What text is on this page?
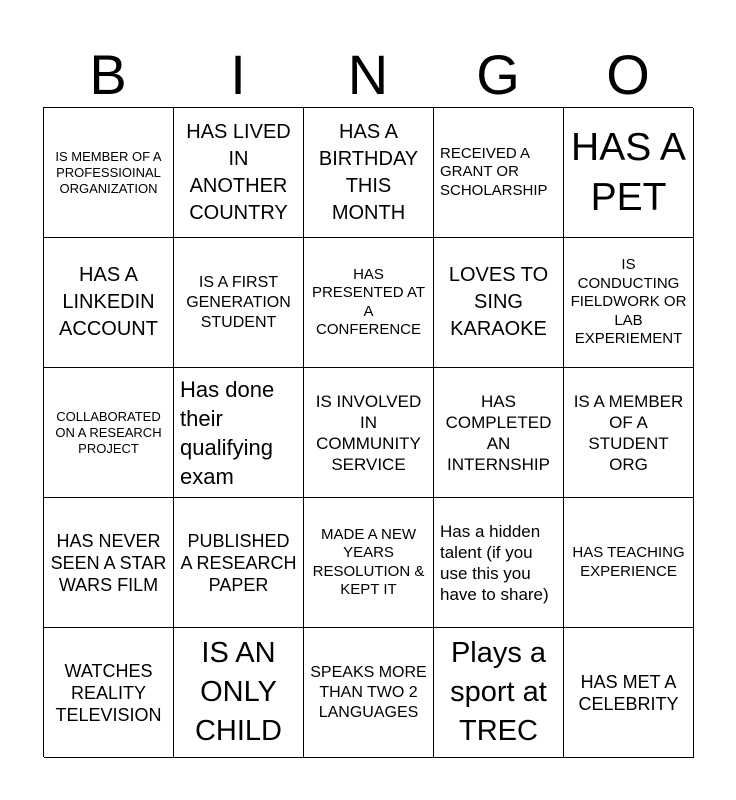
B	I	N	G	O
IS MEMBER OF A PROFESSIOINAL ORGANIZATION
HAS LIVED IN ANOTHER COUNTRY
HAS A BIRTHDAY THIS MONTH
RECEIVED A GRANT OR SCHOLARSHIP
HAS A PET
HAS A LINKEDIN ACCOUNT
IS A FIRST GENERATION STUDENT
HAS PRESENTED AT A CONFERENCE
LOVES TO SING KARAOKE
IS CONDUCTING FIELDWORK OR LAB EXPERIEMENT
COLLABORATED ON A RESEARCH PROJECT
Has done their qualifying exam
IS INVOLVED IN COMMUNITY SERVICE
HAS COMPLETED AN INTERNSHIP
IS A MEMBER OF A STUDENT ORG
HAS NEVER SEEN A STAR WARS FILM
PUBLISHED A RESEARCH PAPER
MADE A NEW YEARS RESOLUTION & KEPT IT
Has a hidden talent (if you use this you have to share)
HAS TEACHING EXPERIENCE
WATCHES REALITY TELEVISION
IS AN ONLY CHILD
SPEAKS MORE THAN TWO 2 LANGUAGES
Plays a sport at TREC
HAS MET A CELEBRITY
